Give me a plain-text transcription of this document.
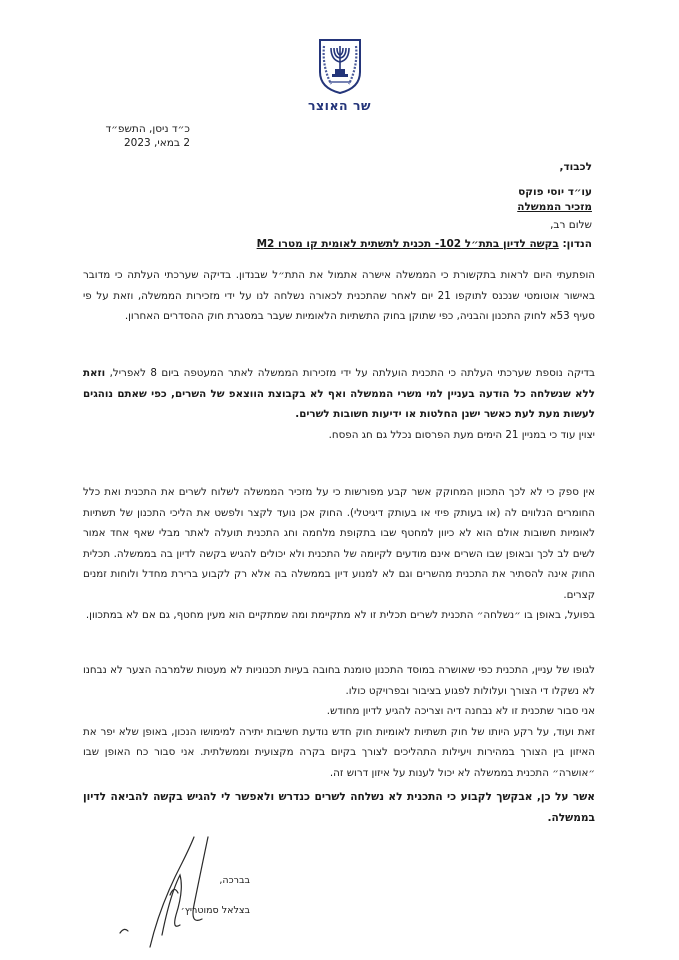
שר האוצר
כ״ד ניסן, התשפ״ד
2 במאי, 2023
לכבוד,
עו״ד יוסי פוקס
מזכיר הממשלה
שלום רב,
הנדון: בקשה לדיון בתת״ל 102- תכנית לתשתית לאומית קו מטרו M2

הופתעתי היום לראות בתקשורת כי הממשלה אישרה אתמול את התת״ל שבנדון. בדיקה שערכתי העלתה כי מדובר באישור אוטומטי שנכנס לתוקפו 21 יום לאחר שהתכנית לכאורה נשלחה לנו על ידי מזכירות הממשלה, וזאת על פי סעיף 53א לחוק התכנון והבניה, כפי שתוקן בחוק התשתיות הלאומיות שעבר במסגרת חוק ההסדרים האחרון.

בדיקה נוספת שערכתי העלתה כי התכנית הועלתה על ידי מזכירות הממשלה לאתר המעטפה ביום 8 לאפריל, וזאת ללא שנשלחה כל הודעה בעניין למי משרי הממשלה ואף לא בקבוצת הווצאפ של השרים, כפי שאתם נוהגים לעשות מעת לעת כאשר ישנן החלטות או ידיעות חשובות לשרים.

יצוין עוד כי במניין 21 הימים מעת הפרסום נכלל גם חג הפסח.

אין ספק כי לא לכך התכוון המחוקק אשר קבע מפורשות כי על מזכיר הממשלה לשלוח לשרים את התכנית ואת כלל החומרים הנלווים לה (או בעותק פיזי או בעותק דיגיטלי). החוק אכן נועד לקצר ולפשט את הליכי התכנון של תשתיות לאומיות חשובות אולם הוא לא כיוון למחטף שבו בתקופת מלחמה וחג התכנית תועלה לאתר מבלי שאף אחד אמור לשים לב לכך ובאופן שבו השרים אינם מודעים לקיומה של התכנית ולא יכולים להגיש בקשה לדיון בה בממשלה. תכלית החוק אינה להסתיר את התכנית מהשרים וגם לא למנוע דיון בממשלה בה אלא רק לקבוע ברירת מחדל ולוחות זמנים קצרים.

בפועל, באופן בו ״נשלחה״ התכנית לשרים תכלית זו לא מתקיימת ומה שמתקיים הוא מעין מחטף, גם אם לא במתכוון.

לגופו של עניין, התכנית כפי שאושרה במוסד התכנון טומנת בחובה בעיות תכנוניות לא מעטות שלמרבה הצער לא נבחנו לא נשקלו די הצורך ועלולות לפגוע בציבור ובפרויקט כולו.

אני סבור שתכנית זו לא נבחנה דיה וצריכה להגיע לדיון מחודש.

זאת ועוד, על רקע היותו של חוק תשתיות לאומיות חוק חדש נודעת חשיבות יתירה למימושו הנכון, באופן שלא יפר את האיזון בין הצורך במהירות ויעילות התהליכים לצורך בקיום בקרה מקצועית וממשלתית. אני סבור כח האופן שבו ״אושרה״ התכנית בממשלה לא יכול לענות על איזון דרוש זה.

אשר על כן, אבקשך לקבוע כי התכנית לא נשלחה לשרים כנדרש ולאפשר לי להגיש בקשה להביאה לדיון בממשלה.

בברכה,
בצלאל סמוטריץ׳
